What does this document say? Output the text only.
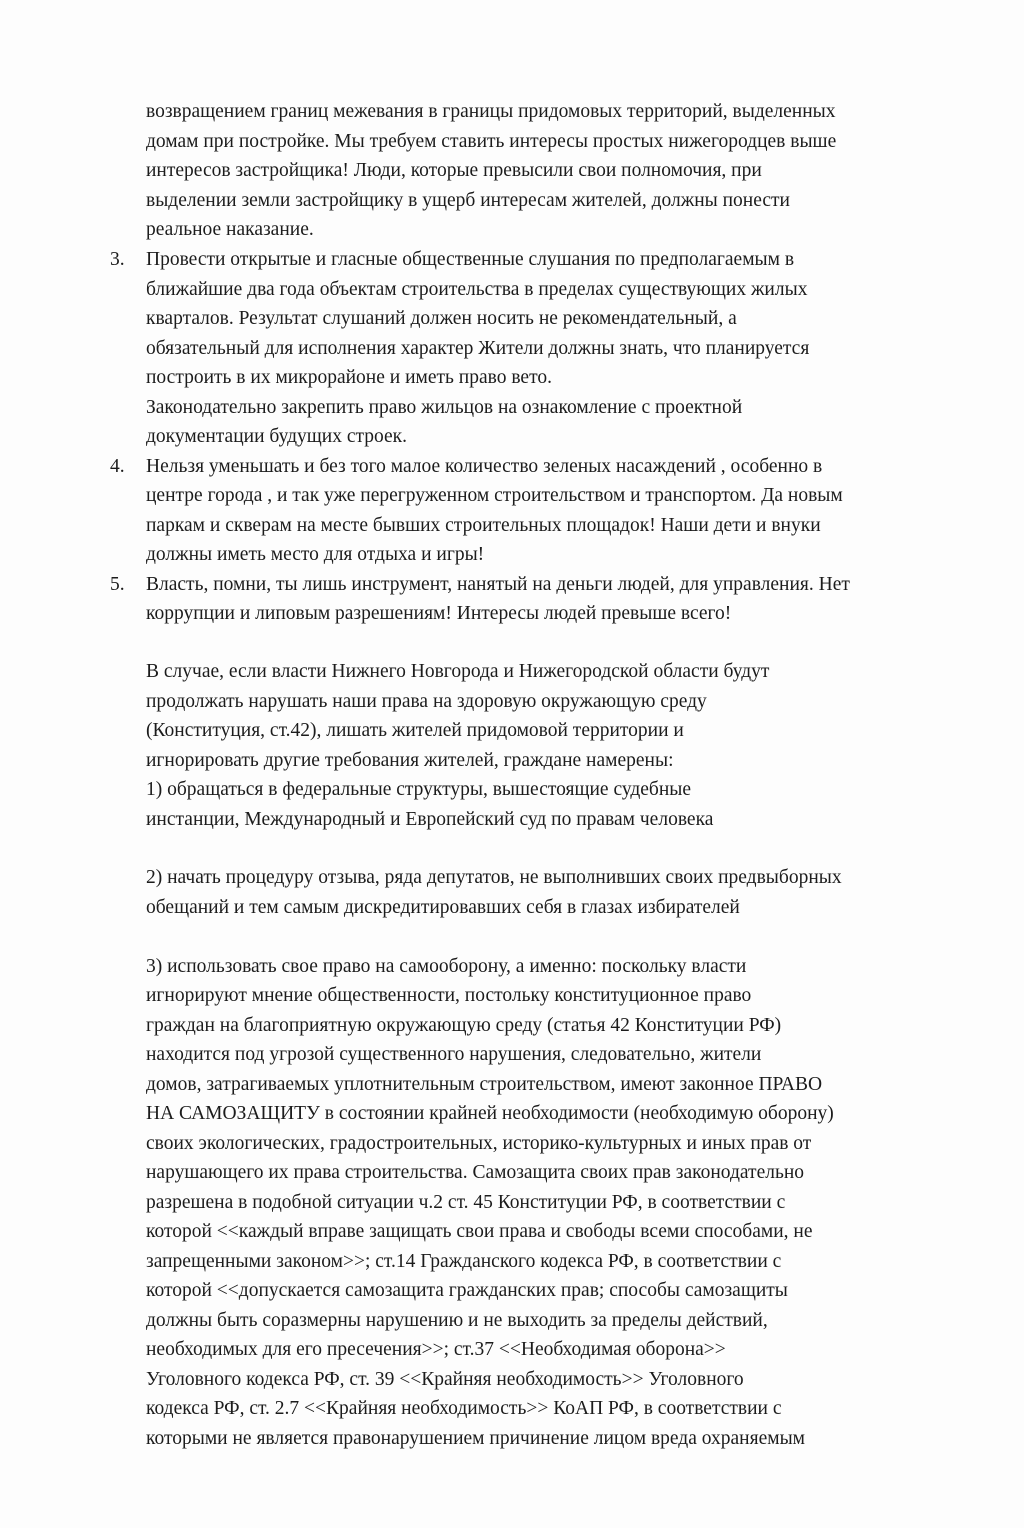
возвращением границ межевания в границы придомовых территорий, выделенных
домам при постройке. Мы требуем ставить интересы простых нижегородцев выше
интересов застройщика! Люди, которые превысили свои полномочия, при
выделении земли застройщику в ущерб интересам жителей, должны понести
реальное наказание.
3. Провести открытые и гласные общественные слушания по предполагаемым в
ближайшие два года объектам строительства в пределах существующих жилых
кварталов. Результат слушаний должен носить не рекомендательный, а
обязательный для исполнения характер Жители должны знать, что планируется
построить в их микрорайоне и иметь право вето.
Законодательно закрепить право жильцов на ознакомление с проектной
документации будущих строек.
4. Нельзя уменьшать и без того малое количество зеленых насаждений , особенно в
центре города , и так уже перегруженном строительством и транспортом. Да новым
паркам и скверам на месте бывших строительных площадок! Наши дети и внуки
должны иметь место для отдыха и игры!
5. Власть, помни, ты лишь инструмент, нанятый на деньги людей, для управления. Нет
коррупции и липовым разрешениям! Интересы людей превыше всего!
В случае, если власти Нижнего Новгорода и Нижегородской области будут
продолжать нарушать наши права на здоровую окружающую среду
(Конституция, ст.42), лишать жителей придомовой территории и
игнорировать другие требования жителей, граждане намерены:
1) обращаться в федеральные структуры, вышестоящие судебные
инстанции, Международный и Европейский суд по правам человека
2) начать процедуру отзыва, ряда депутатов, не выполнивших своих предвыборных
обещаний и тем самым дискредитировавших себя в глазах избирателей
3) использовать свое право на самооборону, а именно: поскольку власти
игнорируют мнение общественности, постольку конституционное право
граждан на благоприятную окружающую среду (статья 42 Конституции РФ)
находится под угрозой существенного нарушения, следовательно, жители
домов, затрагиваемых уплотнительным строительством, имеют законное ПРАВО
НА САМОЗАЩИТУ в состоянии крайней необходимости (необходимую оборону)
своих экологических, градостроительных, историко-культурных и иных прав от
нарушающего их права строительства. Самозащита своих прав законодательно
разрешена в подобной ситуации ч.2 ст. 45 Конституции РФ, в соответствии с
которой <<каждый вправе защищать свои права и свободы всеми способами, не
запрещенными законом>>; ст.14 Гражданского кодекса РФ, в соответствии с
которой <<допускается самозащита гражданских прав; способы самозащиты
должны быть соразмерны нарушению и не выходить за пределы действий,
необходимых для его пресечения>>; ст.37 <<Необходимая оборона>>
Уголовного кодекса РФ, ст. 39 <<Крайняя необходимость>> Уголовного
кодекса РФ, ст. 2.7 <<Крайняя необходимость>> КоАП РФ, в соответствии с
которыми не является правонарушением причинение лицом вреда охраняемым
